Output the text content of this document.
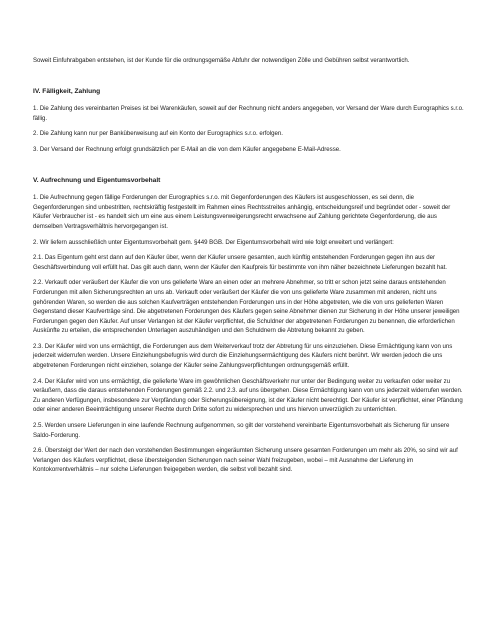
Soweit Einfuhrabgaben entstehen, ist der Kunde für die ordnungsgemäße Abfuhr der notwendigen Zölle und Gebühren selbst verantwortlich.

IV. Fälligkeit, Zahlung

1. Die Zahlung des vereinbarten Preises ist bei Warenkäufen, soweit auf der Rechnung nicht anders angegeben, vor Versand der Ware durch Eurographics s.r.o. fällig.

2. Die Zahlung kann nur per Banküberweisung auf ein Konto der Eurographics s.r.o. erfolgen.

3. Der Versand der Rechnung erfolgt grundsätzlich per E-Mail an die von dem Käufer angegebene E-Mail-Adresse.

V. Aufrechnung und Eigentumsvorbehalt

1. Die Aufrechnung gegen fällige Forderungen der Eurographics s.r.o. mit Gegenforderungen des Käufers ist ausgeschlossen, es sei denn, die Gegenforderungen sind unbestritten, rechtskräftig festgestellt im Rahmen eines Rechtsstreites anhängig, entscheidungsreif und begründet oder - soweit der Käufer Verbraucher ist - es handelt sich um eine aus einem Leistungsverweigerungsrecht erwachsene auf Zahlung gerichtete Gegenforderung, die aus demselben Vertragsverhältnis hervorgegangen ist.

2. Wir liefern ausschließlich unter Eigentumsvorbehalt gem. §449 BGB. Der Eigentumsvorbehalt wird wie folgt erweitert und verlängert:

2.1. Das Eigentum geht erst dann auf den Käufer über, wenn der Käufer unsere gesamten, auch künftig entstehenden Forderungen gegen ihn aus der Geschäftsverbindung voll erfüllt hat. Das gilt auch dann, wenn der Käufer den Kaufpreis für bestimmte von ihm näher bezeichnete Lieferungen bezahlt hat.

2.2. Verkauft oder veräußert der Käufer die von uns gelieferte Ware an einen oder an mehrere Abnehmer, so tritt er schon jetzt seine daraus entstehenden Forderungen mit allen Sicherungsrechten an uns ab. Verkauft oder veräußert der Käufer die von uns gelieferte Ware zusammen mit anderen, nicht uns gehörenden Waren, so werden die aus solchen Kaufverträgen entstehenden Forderungen uns in der Höhe abgetreten, wie die von uns gelieferten Waren Gegenstand dieser Kaufverträge sind. Die abgetretenen Forderungen des Käufers gegen seine Abnehmer dienen zur Sicherung in der Höhe unserer jeweiligen Forderungen gegen den Käufer. Auf unser Verlangen ist der Käufer verpflichtet, die Schuldner der abgetretenen Forderungen zu benennen, die erforderlichen Auskünfte zu erteilen, die entsprechenden Unterlagen auszuhändigen und den Schuldnern die Abtretung bekannt zu geben.

2.3. Der Käufer wird von uns ermächtigt, die Forderungen aus dem Weiterverkauf trotz der Abtretung für uns einzuziehen. Diese Ermächtigung kann von uns jederzeit widerrufen werden. Unsere Einziehungsbefugnis wird durch die Einziehungsermächtigung des Käufers nicht berührt. Wir werden jedoch die uns abgetretenen Forderungen nicht einziehen, solange der Käufer seine Zahlungsverpflichtungen ordnungsgemäß erfüllt.

2.4. Der Käufer wird von uns ermächtigt, die gelieferte Ware im gewöhnlichen Geschäftsverkehr nur unter der Bedingung weiter zu verkaufen oder weiter zu veräußern, dass die daraus entstehenden Forderungen gemäß 2.2. und 2.3. auf uns übergehen. Diese Ermächtigung kann von uns jederzeit widerrufen werden. Zu anderen Verfügungen, insbesondere zur Verpfändung oder Sicherungsübereignung, ist der Käufer nicht berechtigt. Der Käufer ist verpflichtet, einer Pfändung oder einer anderen Beeinträchtigung unserer Rechte durch Dritte sofort zu widersprechen und uns hiervon unverzüglich zu unterrichten.

2.5. Werden unsere Lieferungen in eine laufende Rechnung aufgenommen, so gilt der vorstehend vereinbarte Eigentumsvorbehalt als Sicherung für unsere Saldo-Forderung.

2.6. Übersteigt der Wert der nach den vorstehenden Bestimmungen eingeräumten Sicherung unsere gesamten Forderungen um mehr als 20%, so sind wir auf Verlangen des Käufers verpflichtet, diese übersteigenden Sicherungen nach seiner Wahl freizugeben, wobei – mit Ausnahme der Lieferung im Kontokorrentverhältnis – nur solche Lieferungen freigegeben werden, die selbst voll bezahlt sind.
